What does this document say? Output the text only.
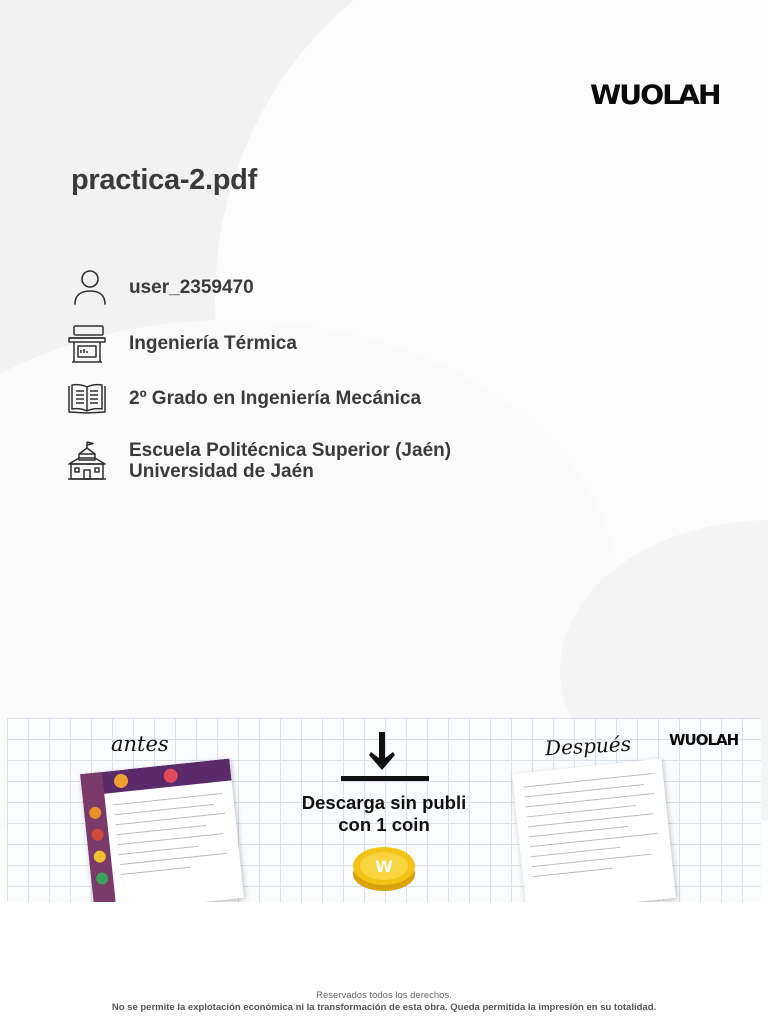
WUOLAH
practica-2.pdf
user_2359470
Ingeniería Térmica
2º Grado en Ingeniería Mecánica
Escuela Politécnica Superior (Jaén)
Universidad de Jaén
antes	Después	WUOLAH
Descarga sin publi
con 1 coin
W
Reservados todos los derechos.
No se permite la explotación económica ni la transformación de esta obra. Queda permitida la impresión en su totalidad.
